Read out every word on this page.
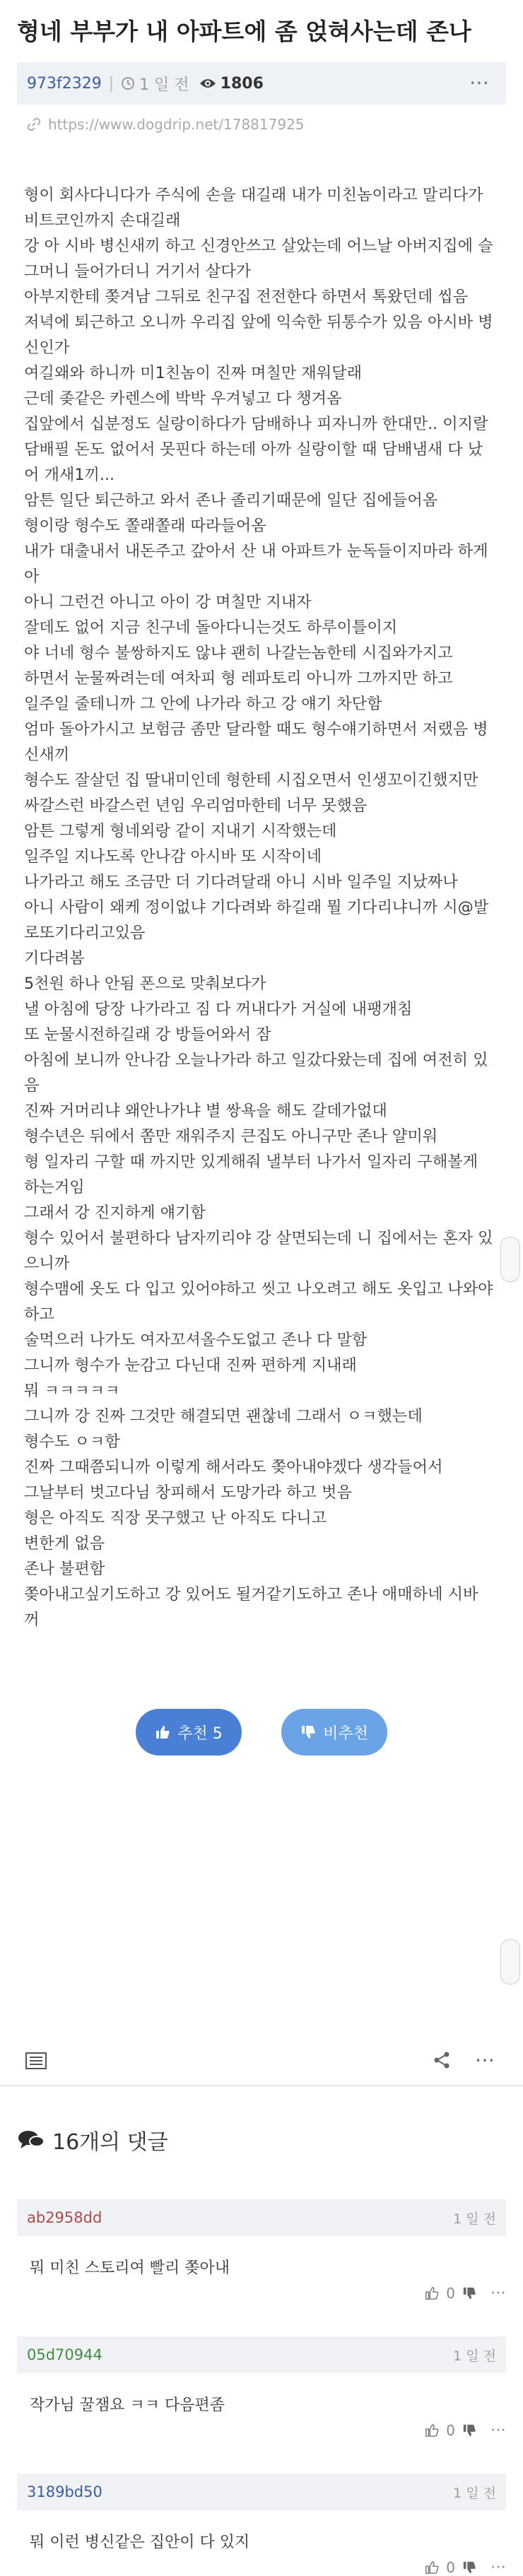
형네 부부가 내 아파트에 좀 얹혀사는데 존나
973f2329 | 1 일 전 1806	⋯
https://www.dogdrip.net/178817925

형이 회사다니다가 주식에 손을 대길래 내가 미친놈이라고 말리다가

비트코인까지 손대길래

강 아 시바 병신새끼 하고 신경안쓰고 살았는데 어느날 아버지집에 슬

그머니 들어가더니 거기서 살다가

아부지한테 쫒겨남 그뒤로 친구집 전전한다 하면서 톡왔던데 씹음

저녁에 퇴근하고 오니까 우리집 앞에 익숙한 뒤통수가 있음 아시바 병

신인가

여길왜와 하니까 미1친놈이 진짜 며칠만 재워달래

근데 좆같은 카렌스에 박박 우겨넣고 다 챙겨옴

집앞에서 십분정도 실랑이하다가 담배하나 피자니까 한대만.. 이지랄

담배필 돈도 없어서 못핀다 하는데 아까 실랑이할 때 담배냄새 다 났

어 개새1끼...

암튼 일단 퇴근하고 와서 존나 졸리기때문에 일단 집에들어옴

형이랑 형수도 쫄래쫄래 따라들어옴

내가 대출내서 내돈주고 갚아서 산 내 아파트가 눈독들이지마라 하게

아

아니 그런건 아니고 아이 강 며칠만 지내자

잘데도 없어 지금 친구네 돌아다니는것도 하루이틀이지

야 너네 형수 불쌍하지도 않냐 괜히 나갈는놈한테 시집와가지고

하면서 눈물짜려는데 여차피 형 레파토리 아니까 그까지만 하고

일주일 줄테니까 그 안에 나가라 하고 강 얘기 차단함

엄마 돌아가시고 보험금 좀만 달라할 때도 형수얘기하면서 저랬음 병

신새끼

형수도 잘살던 집 딸내미인데 형한테 시집오면서 인생꼬이긴했지만

싸갈스런 바갈스런 년임 우리엄마한테 너무 못했음

암튼 그렇게 형네외랑 같이 지내기 시작했는데

일주일 지나도록 안나감 아시바 또 시작이네

나가라고 해도 조금만 더 기다려달래 아니 시바 일주일 지났짜나

아니 사람이 왜케 정이없냐 기다려봐 하길래 뭘 기다리냐니까 시@발

로또기다리고있음

기다려봄

5천원 하나 안됨 폰으로 맞춰보다가

낼 아침에 당장 나가라고 짐 다 꺼내다가 거실에 내팽개침

또 눈물시전하길래 강 방들어와서 잠

아침에 보니까 안나감 오늘나가라 하고 일갔다왔는데 집에 여전히 있

음

진짜 거머리냐 왜안나가냐 별 쌍욕을 해도 갈데가없대

형수년은 뒤에서 쫌만 재워주지 큰집도 아니구만 존나 얄미워

형 일자리 구할 때 까지만 있게해줘 낼부터 나가서 일자리 구해볼게

하는거임

그래서 강 진지하게 얘기함

형수 있어서 불편하다 남자끼리야 강 살면되는데 니 집에서는 혼자 있

으니까

형수맴에 옷도 다 입고 있어야하고 씻고 나오려고 해도 옷입고 나와야

하고

술먹으러 나가도 여자꼬셔올수도없고 존나 다 말함

그니까 형수가 눈감고 다닌대 진짜 편하게 지내래

뭐 ㅋㅋㅋㅋㅋ

그니까 강 진짜 그것만 해결되면 괜찮네 그래서 ㅇㅋ했는데

형수도 ㅇㅋ함

진짜 그때쯤되니까 이렇게 해서라도 쫒아내야겠다 생각들어서

그날부터 벗고다님 창피해서 도망가라 하고 벗음

형은 아직도 직장 못구했고 난 아직도 다니고

변한게 없음

존나 불편함

쫒아내고싶기도하고 강 있어도 될거같기도하고 존나 애매하네 시바

꺼

추천 5	비추천
⋯
16개의 댓글
ab2958dd	1 일 전
뭐 미친 스토리여 빨리 쫒아내
0 ⋯
05d70944	1 일 전
작가님 꿀잼요 ㅋㅋ 다음편좀
0 ⋯
3189bd50	1 일 전
뭐 이런 병신같은 집안이 다 있지
0 ⋯
